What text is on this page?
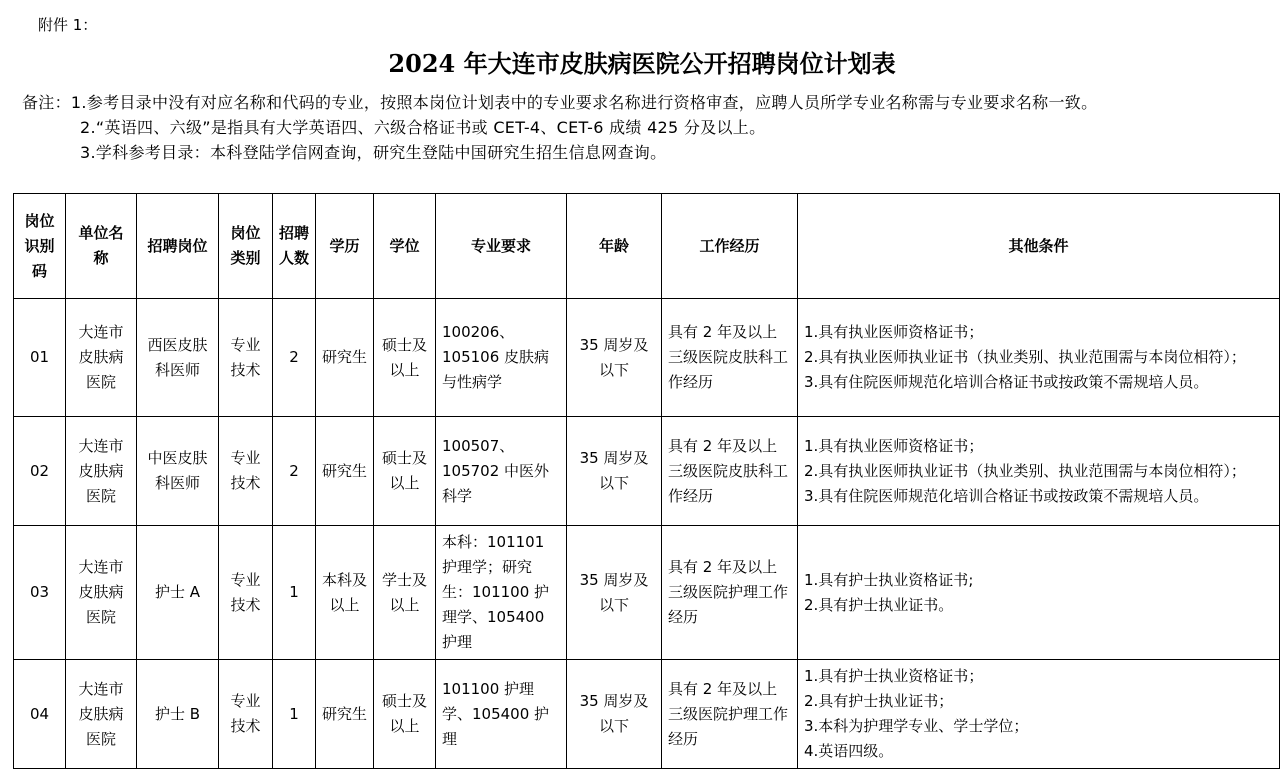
附件 1：
2024 年大连市皮肤病医院公开招聘岗位计划表
备注：1.参考目录中没有对应名称和代码的专业，按照本岗位计划表中的专业要求名称进行资格审查，应聘人员所学专业名称需与专业要求名称一致。
2.“英语四、六级”是指具有大学英语四、六级合格证书或 CET-4、CET-6 成绩 425 分及以上。
3.学科参考目录：本科登陆学信网查询，研究生登陆中国研究生招生信息网查询。
岗位识别码	单位名称	招聘岗位	岗位类别	招聘人数	学历	学位	专业要求	年龄	工作经历	其他条件
01	大连市皮肤病医院	西医皮肤科医师	专业技术	2	研究生	硕士及以上	100206、105106 皮肤病与性病学	35 周岁及以下	具有 2 年及以上三级医院皮肤科工作经历	1.具有执业医师资格证书；
2.具有执业医师执业证书（执业类别、执业范围需与本岗位相符）；
3.具有住院医师规范化培训合格证书或按政策不需规培人员。

02	大连市皮肤病医院	中医皮肤科医师	专业技术	2	研究生	硕士及以上	100507、105702 中医外科学	35 周岁及以下	具有 2 年及以上三级医院皮肤科工作经历	1.具有执业医师资格证书；
2.具有执业医师执业证书（执业类别、执业范围需与本岗位相符）；
3.具有住院医师规范化培训合格证书或按政策不需规培人员。

03	大连市皮肤病医院	护士 A	专业技术	1	本科及以上	学士及以上	本科：101101 护理学；研究生：101100 护理学、105400 护理	35 周岁及以下	具有 2 年及以上三级医院护理工作经历	1.具有护士执业资格证书;
2.具有护士执业证书。

04	大连市皮肤病医院	护士 B	专业技术	1	研究生	硕士及以上	101100 护理学、105400 护理	35 周岁及以下	具有 2 年及以上三级医院护理工作经历	1.具有护士执业资格证书；
2.具有护士执业证书；
3.本科为护理学专业、学士学位；
4.英语四级。
